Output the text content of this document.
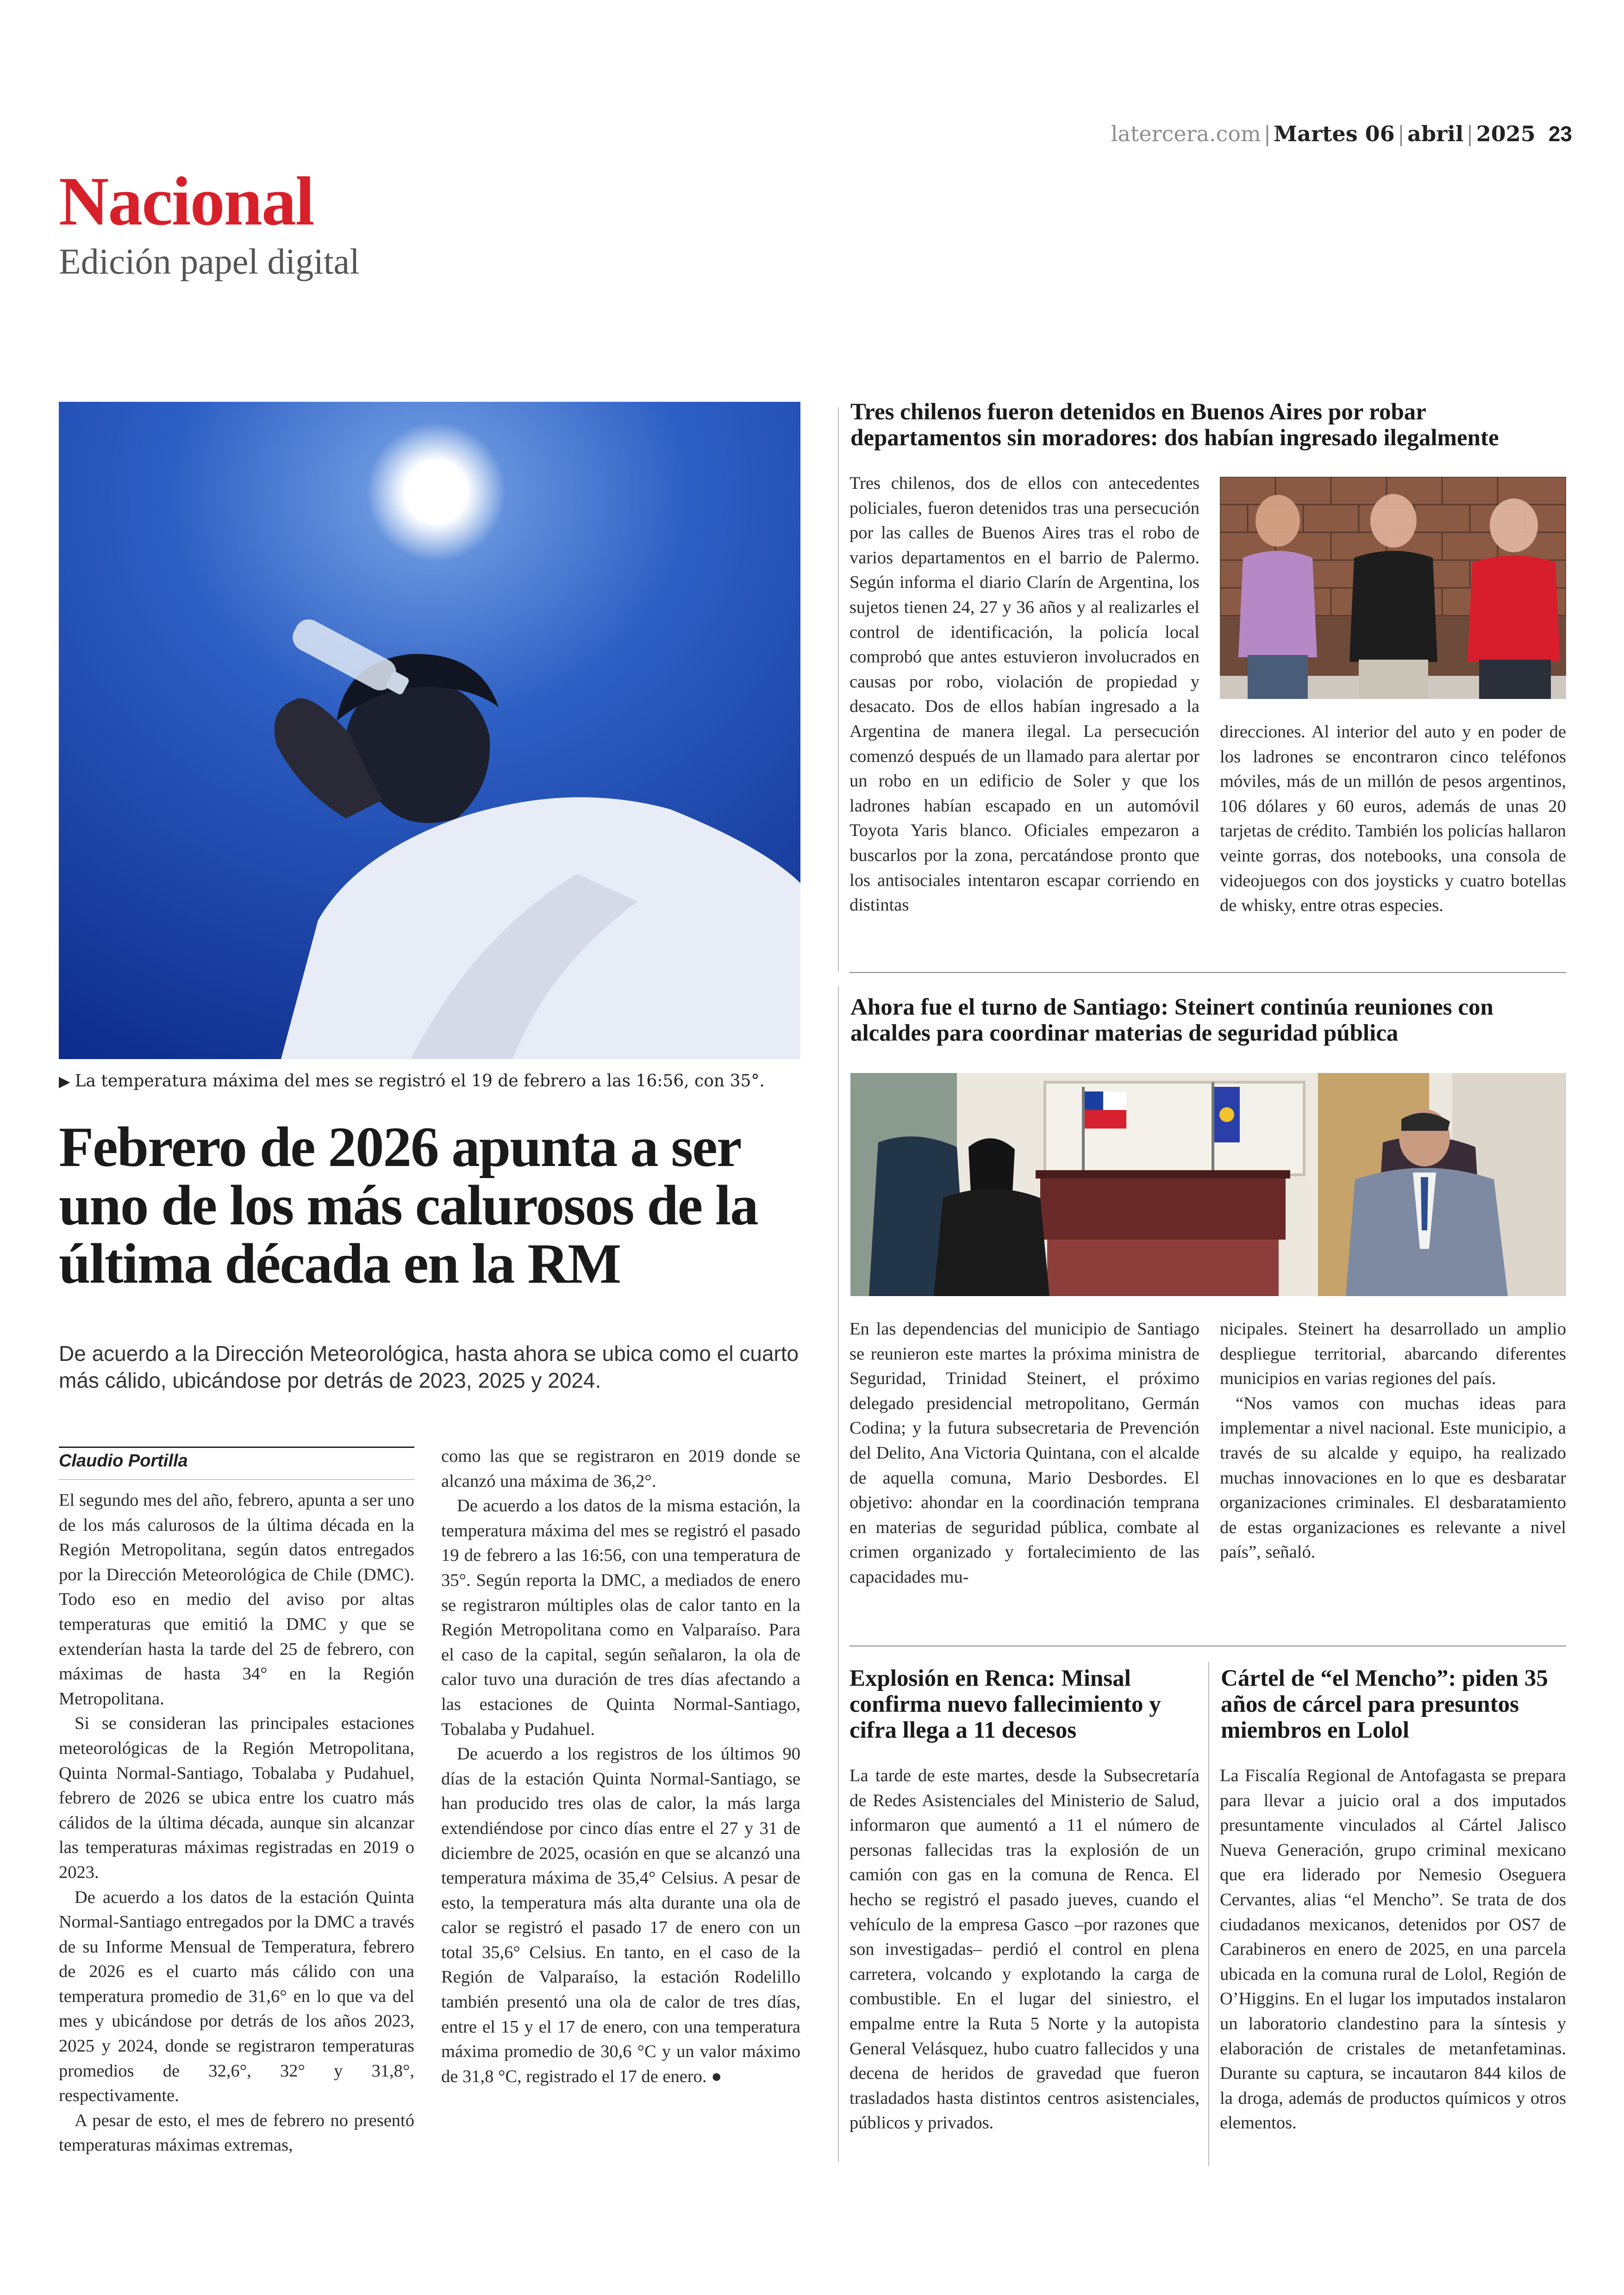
latercera.com | Martes 06 | abril | 2025 23
Nacional
Edición papel digital
▶ La temperatura máxima del mes se registró el 19 de febrero a las 16:56, con 35°.
Febrero de 2026 apunta a ser uno de los más calurosos de la última década en la RM
De acuerdo a la Dirección Meteorológica, hasta ahora se ubica como el cuarto más cálido, ubicándose por detrás de 2023, 2025 y 2024.
Claudio Portilla

El segundo mes del año, febrero, apunta a ser uno de los más calurosos de la última década en la Región Metropolitana, según datos entregados por la Dirección Meteorológica de Chile (DMC). Todo eso en medio del aviso por altas temperaturas que emitió la DMC y que se extenderían hasta la tarde del 25 de febrero, con máximas de hasta 34° en la Región Metropolitana.

Si se consideran las principales estaciones meteorológicas de la Región Metropolitana, Quinta Normal-Santiago, Tobalaba y Pudahuel, febrero de 2026 se ubica entre los cuatro más cálidos de la última década, aunque sin alcanzar las temperaturas máximas registradas en 2019 o 2023.

De acuerdo a los datos de la estación Quinta Normal-Santiago entregados por la DMC a través de su Informe Mensual de Temperatura, febrero de 2026 es el cuarto más cálido con una temperatura promedio de 31,6° en lo que va del mes y ubicándose por detrás de los años 2023, 2025 y 2024, donde se registraron temperaturas promedios de 32,6°, 32° y 31,8°, respectivamente.

A pesar de esto, el mes de febrero no presentó temperaturas máximas extremas,

como las que se registraron en 2019 donde se alcanzó una máxima de 36,2°.

De acuerdo a los datos de la misma estación, la temperatura máxima del mes se registró el pasado 19 de febrero a las 16:56, con una temperatura de 35°. Según reporta la DMC, a mediados de enero se registraron múltiples olas de calor tanto en la Región Metropolitana como en Valparaíso. Para el caso de la capital, según señalaron, la ola de calor tuvo una duración de tres días afectando a las estaciones de Quinta Normal-Santiago, Tobalaba y Pudahuel.

De acuerdo a los registros de los últimos 90 días de la estación Quinta Normal-Santiago, se han producido tres olas de calor, la más larga extendiéndose por cinco días entre el 27 y 31 de diciembre de 2025, ocasión en que se alcanzó una temperatura máxima de 35,4° Celsius. A pesar de esto, la temperatura más alta durante una ola de calor se registró el pasado 17 de enero con un total 35,6° Celsius. En tanto, en el caso de la Región de Valparaíso, la estación Rodelillo también presentó una ola de calor de tres días, entre el 15 y el 17 de enero, con una temperatura máxima promedio de 30,6 °C y un valor máximo de 31,8 °C, registrado el 17 de enero. ●

Tres chilenos fueron detenidos en Buenos Aires por robar departamentos sin moradores: dos habían ingresado ilegalmente

Tres chilenos, dos de ellos con antecedentes policiales, fueron detenidos tras una persecución por las calles de Buenos Aires tras el robo de varios departamentos en el barrio de Palermo. Según informa el diario Clarín de Argentina, los sujetos tienen 24, 27 y 36 años y al realizarles el control de identificación, la policía local comprobó que antes estuvieron involucrados en causas por robo, violación de propiedad y desacato. Dos de ellos habían ingresado a la Argentina de manera ilegal. La persecución comenzó después de un llamado para alertar por un robo en un edificio de Soler y que los ladrones habían escapado en un automóvil Toyota Yaris blanco. Oficiales empezaron a buscarlos por la zona, percatándose pronto que los antisociales intentaron escapar corriendo en distintas

direcciones. Al interior del auto y en poder de los ladrones se encontraron cinco teléfonos móviles, más de un millón de pesos argentinos, 106 dólares y 60 euros, además de unas 20 tarjetas de crédito. También los policías hallaron veinte gorras, dos notebooks, una consola de videojuegos con dos joysticks y cuatro botellas de whisky, entre otras especies.

Ahora fue el turno de Santiago: Steinert continúa reuniones con alcaldes para coordinar materias de seguridad pública

En las dependencias del municipio de Santiago se reunieron este martes la próxima ministra de Seguridad, Trinidad Steinert, el próximo delegado presidencial metropolitano, Germán Codina; y la futura subsecretaria de Prevención del Delito, Ana Victoria Quintana, con el alcalde de aquella comuna, Mario Desbordes. El objetivo: ahondar en la coordinación temprana en materias de seguridad pública, combate al crimen organizado y fortalecimiento de las capacidades mu-

nicipales. Steinert ha desarrollado un amplio despliegue territorial, abarcando diferentes municipios en varias regiones del país.

“Nos vamos con muchas ideas para implementar a nivel nacional. Este municipio, a través de su alcalde y equipo, ha realizado muchas innovaciones en lo que es desbaratar organizaciones criminales. El desbaratamiento de estas organizaciones es relevante a nivel país”, señaló.

Explosión en Renca: Minsal confirma nuevo fallecimiento y cifra llega a 11 decesos

La tarde de este martes, desde la Subsecretaría de Redes Asistenciales del Ministerio de Salud, informaron que aumentó a 11 el número de personas fallecidas tras la explosión de un camión con gas en la comuna de Renca. El hecho se registró el pasado jueves, cuando el vehículo de la empresa Gasco –por razones que son investigadas– perdió el control en plena carretera, volcando y explotando la carga de combustible. En el lugar del siniestro, el empalme entre la Ruta 5 Norte y la autopista General Velásquez, hubo cuatro fallecidos y una decena de heridos de gravedad que fueron trasladados hasta distintos centros asistenciales, públicos y privados.

Cártel de “el Mencho”: piden 35 años de cárcel para presuntos miembros en Lolol

La Fiscalía Regional de Antofagasta se prepara para llevar a juicio oral a dos imputados presuntamente vinculados al Cártel Jalisco Nueva Generación, grupo criminal mexicano que era liderado por Nemesio Oseguera Cervantes, alias “el Mencho”. Se trata de dos ciudadanos mexicanos, detenidos por OS7 de Carabineros en enero de 2025, en una parcela ubicada en la comuna rural de Lolol, Región de O’Higgins. En el lugar los imputados instalaron un laboratorio clandestino para la síntesis y elaboración de cristales de metanfetaminas. Durante su captura, se incautaron 844 kilos de la droga, además de productos químicos y otros elementos.
